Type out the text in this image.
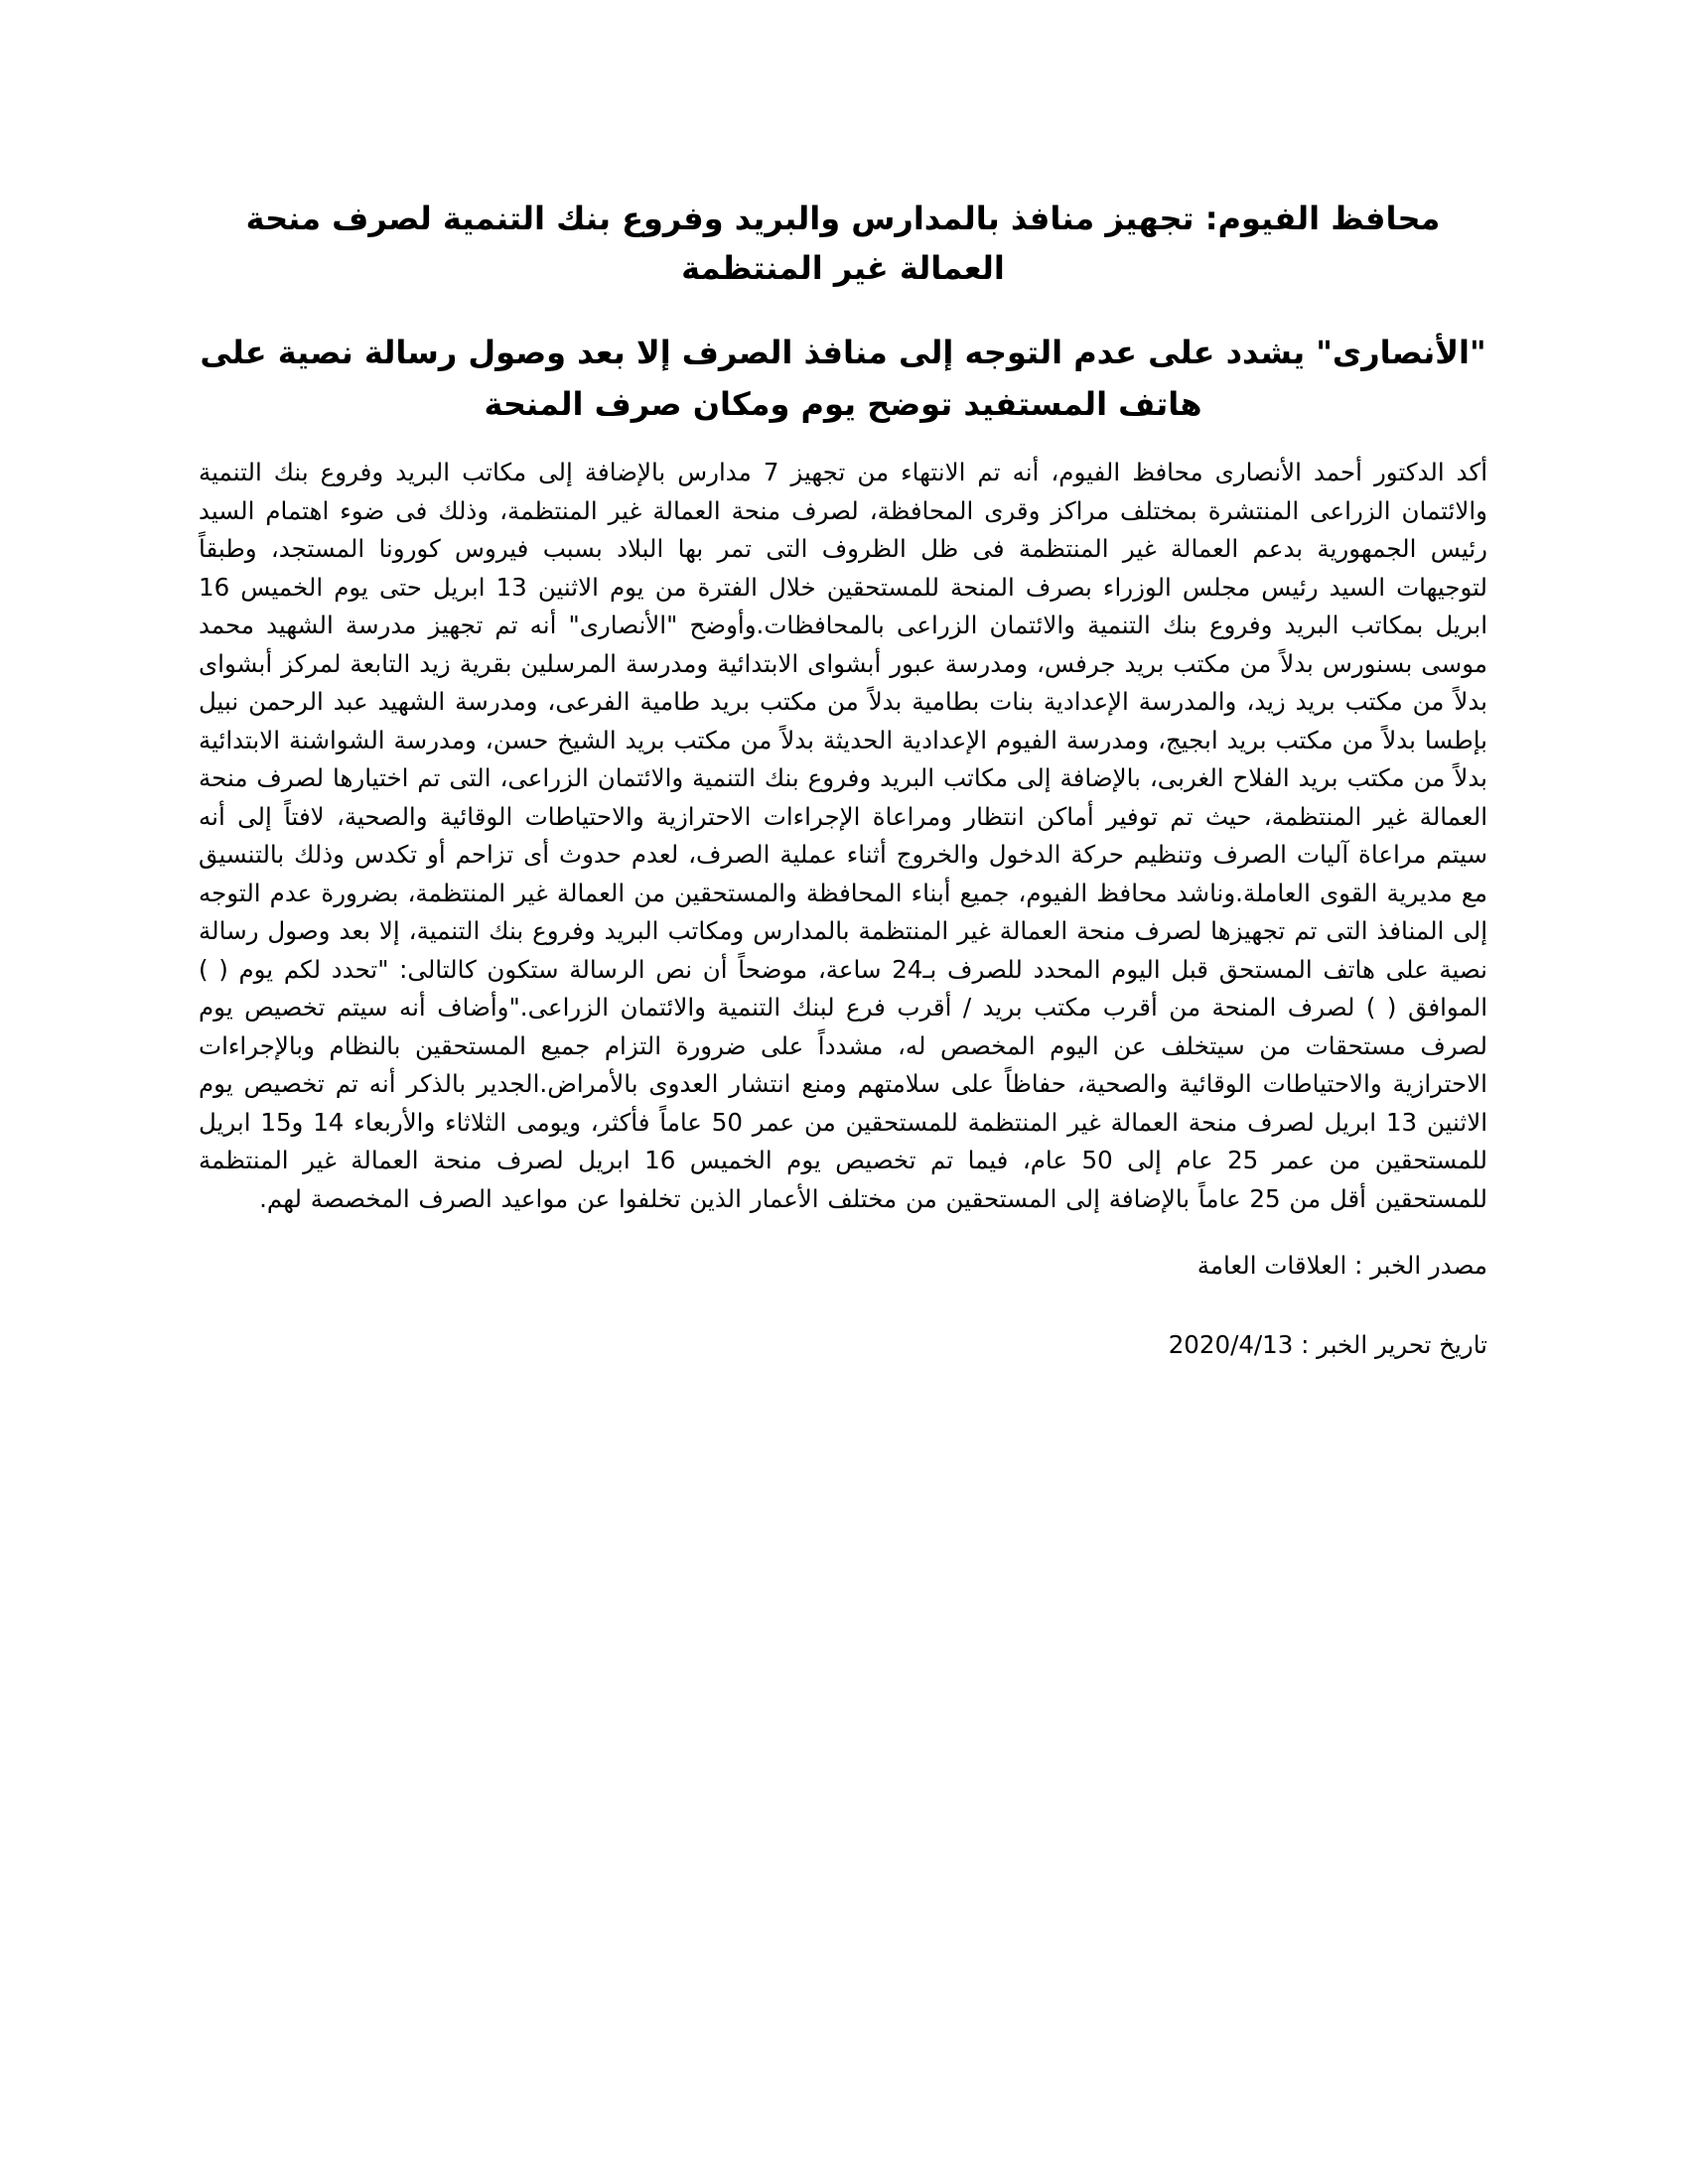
محافظ الفيوم: تجهيز منافذ بالمدارس والبريد وفروع بنك التنمية لصرف منحة العمالة غير المنتظمة
"الأنصارى" يشدد على عدم التوجه إلى منافذ الصرف إلا بعد وصول رسالة نصية على هاتف المستفيد توضح يوم ومكان صرف المنحة

أكد الدكتور أحمد الأنصارى محافظ الفيوم، أنه تم الانتهاء من تجهيز 7 مدارس بالإضافة إلى مكاتب البريد وفروع بنك التنمية والائتمان الزراعى المنتشرة بمختلف مراكز وقرى المحافظة، لصرف منحة العمالة غير المنتظمة، وذلك فى ضوء اهتمام السيد رئيس الجمهورية بدعم العمالة غير المنتظمة فى ظل الظروف التى تمر بها البلاد بسبب فيروس كورونا المستجد، وطبقاً لتوجيهات السيد رئيس مجلس الوزراء بصرف المنحة للمستحقين خلال الفترة من يوم الاثنين 13 ابريل حتى يوم الخميس 16 ابريل بمكاتب البريد وفروع بنك التنمية والائتمان الزراعى بالمحافظات.وأوضح "الأنصارى" أنه تم تجهيز مدرسة الشهيد محمد موسى بسنورس بدلاً من مكتب بريد جرفس، ومدرسة عبور أبشواى الابتدائية ومدرسة المرسلين بقرية زيد التابعة لمركز أبشواى بدلاً من مكتب بريد زيد، والمدرسة الإعدادية بنات بطامية بدلاً من مكتب بريد طامية الفرعى، ومدرسة الشهيد عبد الرحمن نبيل بإطسا بدلاً من مكتب بريد ابجيج، ومدرسة الفيوم الإعدادية الحديثة بدلاً من مكتب بريد الشيخ حسن، ومدرسة الشواشنة الابتدائية بدلاً من مكتب بريد الفلاح الغربى، بالإضافة إلى مكاتب البريد وفروع بنك التنمية والائتمان الزراعى، التى تم اختيارها لصرف منحة العمالة غير المنتظمة، حيث تم توفير أماكن انتظار ومراعاة الإجراءات الاحترازية والاحتياطات الوقائية والصحية، لافتاً إلى أنه سيتم مراعاة آليات الصرف وتنظيم حركة الدخول والخروج أثناء عملية الصرف، لعدم حدوث أى تزاحم أو تكدس وذلك بالتنسيق مع مديرية القوى العاملة.وناشد محافظ الفيوم، جميع أبناء المحافظة والمستحقين من العمالة غير المنتظمة، بضرورة عدم التوجه إلى المنافذ التى تم تجهيزها لصرف منحة العمالة غير المنتظمة بالمدارس ومكاتب البريد وفروع بنك التنمية، إلا بعد وصول رسالة نصية على هاتف المستحق قبل اليوم المحدد للصرف بـ24 ساعة، موضحاً أن نص الرسالة ستكون كالتالى: "تحدد لكم يوم ( ) الموافق ( ) لصرف المنحة من أقرب مكتب بريد / أقرب فرع لبنك التنمية والائتمان الزراعى."وأضاف أنه سيتم تخصيص يوم لصرف مستحقات من سيتخلف عن اليوم المخصص له، مشدداً على ضرورة التزام جميع المستحقين بالنظام وبالإجراءات الاحترازية والاحتياطات الوقائية والصحية، حفاظاً على سلامتهم ومنع انتشار العدوى بالأمراض.الجدير بالذكر أنه تم تخصيص يوم الاثنين 13 ابريل لصرف منحة العمالة غير المنتظمة للمستحقين من عمر 50 عاماً فأكثر، ويومى الثلاثاء والأربعاء 14 و15 ابريل للمستحقين من عمر 25 عام إلى 50 عام، فيما تم تخصيص يوم الخميس 16 ابريل لصرف منحة العمالة غير المنتظمة للمستحقين أقل من 25 عاماً بالإضافة إلى المستحقين من مختلف الأعمار الذين تخلفوا عن مواعيد الصرف المخصصة لهم.

مصدر الخبر : العلاقات العامة

تاريخ تحرير الخبر : 2020/4/13
